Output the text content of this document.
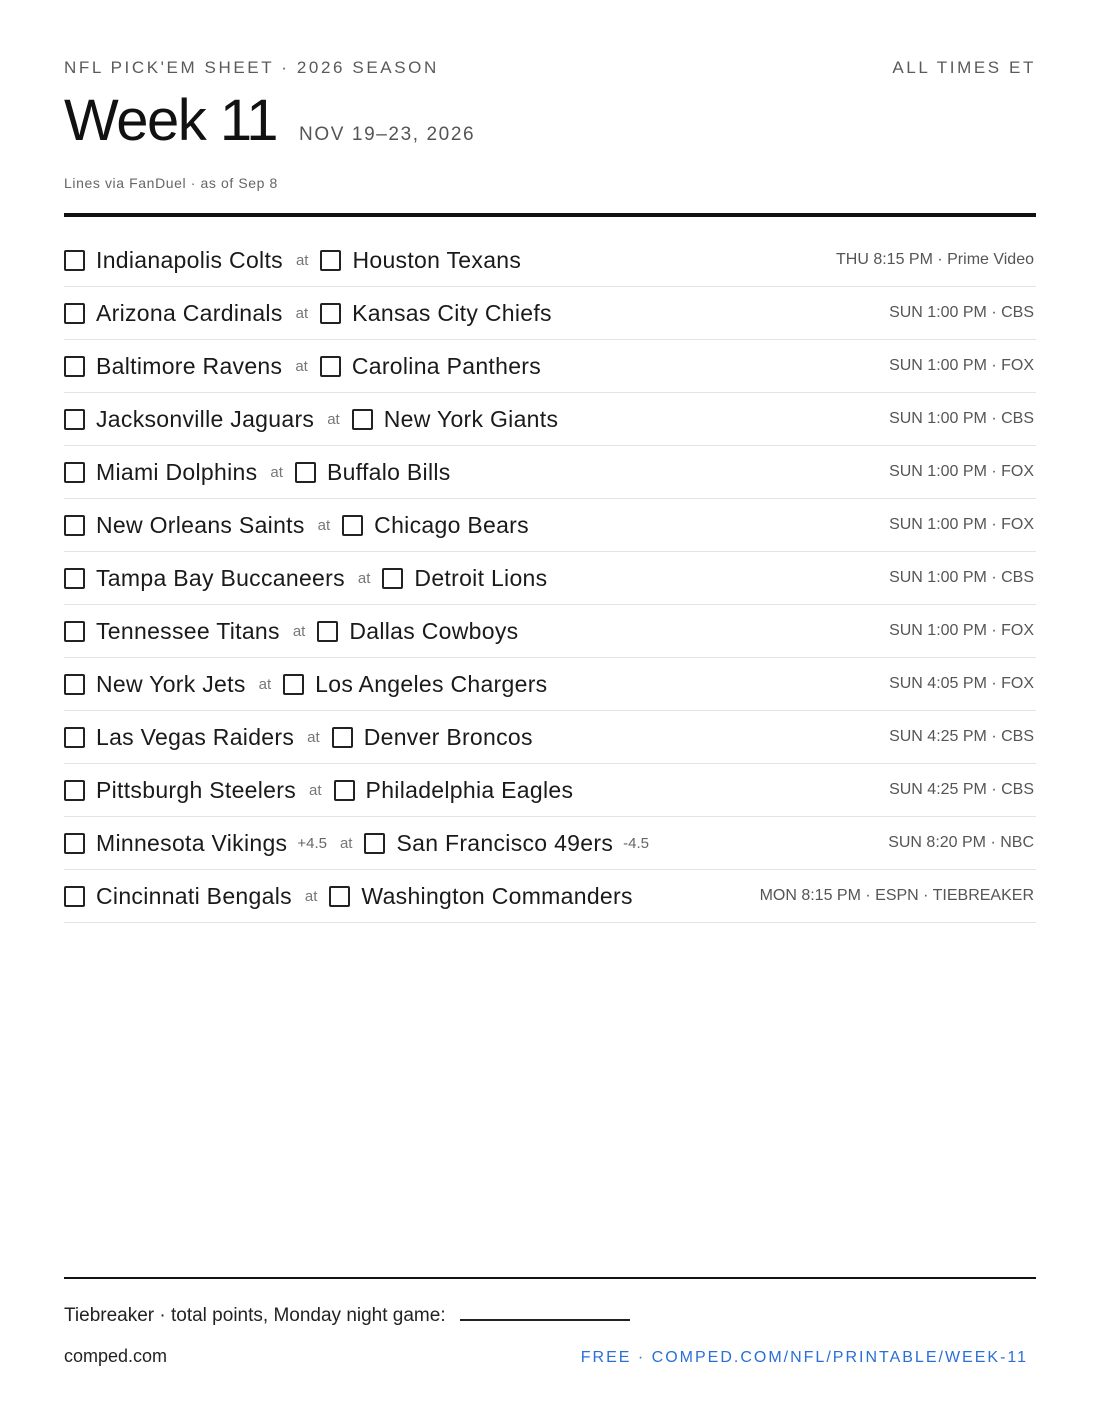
NFL PICK'EM SHEET · 2026 SEASON	ALL TIMES ET
Week 11 NOV 19–23, 2026
Lines via FanDuel · as of Sep 8
Indianapolis Colts at Houston Texans	THU 8:15 PM · Prime Video
Arizona Cardinals at Kansas City Chiefs	SUN 1:00 PM · CBS
Baltimore Ravens at Carolina Panthers	SUN 1:00 PM · FOX
Jacksonville Jaguars at New York Giants	SUN 1:00 PM · CBS
Miami Dolphins at Buffalo Bills	SUN 1:00 PM · FOX
New Orleans Saints at Chicago Bears	SUN 1:00 PM · FOX
Tampa Bay Buccaneers at Detroit Lions	SUN 1:00 PM · CBS
Tennessee Titans at Dallas Cowboys	SUN 1:00 PM · FOX
New York Jets at Los Angeles Chargers	SUN 4:05 PM · FOX
Las Vegas Raiders at Denver Broncos	SUN 4:25 PM · CBS
Pittsburgh Steelers at Philadelphia Eagles	SUN 4:25 PM · CBS
Minnesota Vikings +4.5 at San Francisco 49ers -4.5	SUN 8:20 PM · NBC
Cincinnati Bengals at Washington Commanders	MON 8:15 PM · ESPN · TIEBREAKER
Tiebreaker · total points, Monday night game:
comped.com	FREE · COMPED.COM/NFL/PRINTABLE/WEEK-11
